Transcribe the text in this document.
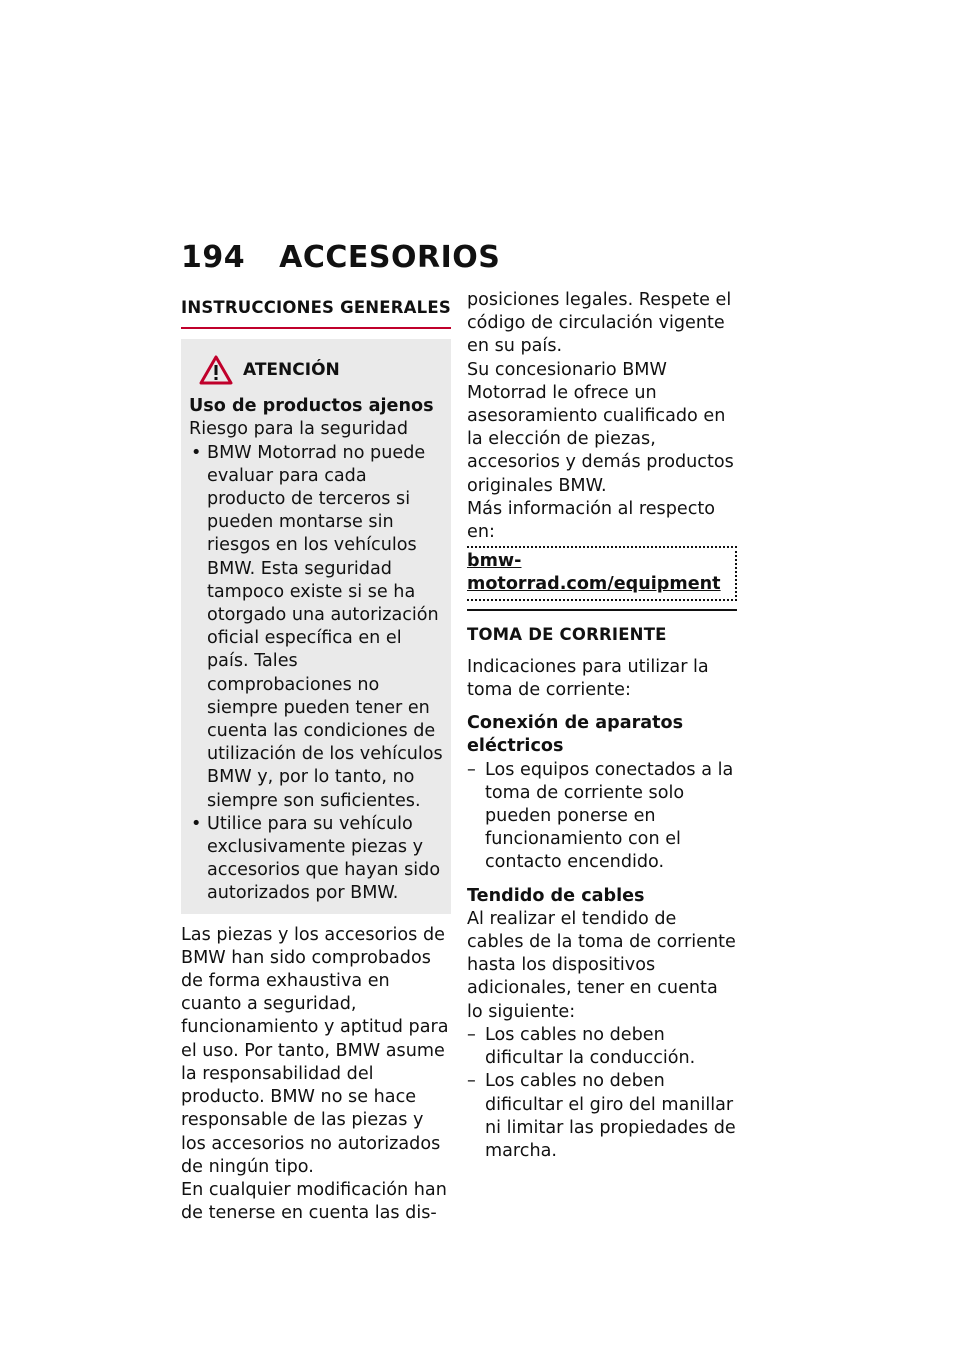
194 ACCESORIOS
INSTRUCCIONES GENERALES
ATENCIÓN

Uso de productos ajenos

Riesgo para la seguridad

• BMW Motorrad no puede evaluar para cada producto de terceros si pueden montarse sin riesgos en los vehículos BMW. Esta seguridad tampoco existe si se ha otorgado una autorización oficial específica en el país. Tales comprobaciones no siempre pueden tener en cuenta las condiciones de utilización de los vehículos BMW y, por lo tanto, no siempre son suficientes.
• Utilice para su vehículo exclusivamente piezas y accesorios que hayan sido autorizados por BMW.

Las piezas y los accesorios de BMW han sido comprobados de forma exhaustiva en cuanto a seguridad, funcionamiento y aptitud para el uso. Por tanto, BMW asume la responsabilidad del producto. BMW no se hace responsable de las piezas y los accesorios no autorizados de ningún tipo.

En cualquier modificación han de tenerse en cuenta las dis-

posiciones legales. Respete el código de circulación vigente en su país.

Su concesionario BMW Motorrad le ofrece un asesoramiento cualificado en la elección de piezas, accesorios y demás productos originales BMW.

Más información al respecto en:

bmw-motorrad.com/equipment
TOMA DE CORRIENTE

Indicaciones para utilizar la toma de corriente:

Conexión de aparatos eléctricos

– Los equipos conectados a la toma de corriente solo pueden ponerse en funcionamiento con el contacto encendido.

Tendido de cables

Al realizar el tendido de cables de la toma de corriente hasta los dispositivos adicionales, tener en cuenta lo siguiente:

– Los cables no deben dificultar la conducción.
– Los cables no deben dificultar el giro del manillar ni limitar las propiedades de marcha.
